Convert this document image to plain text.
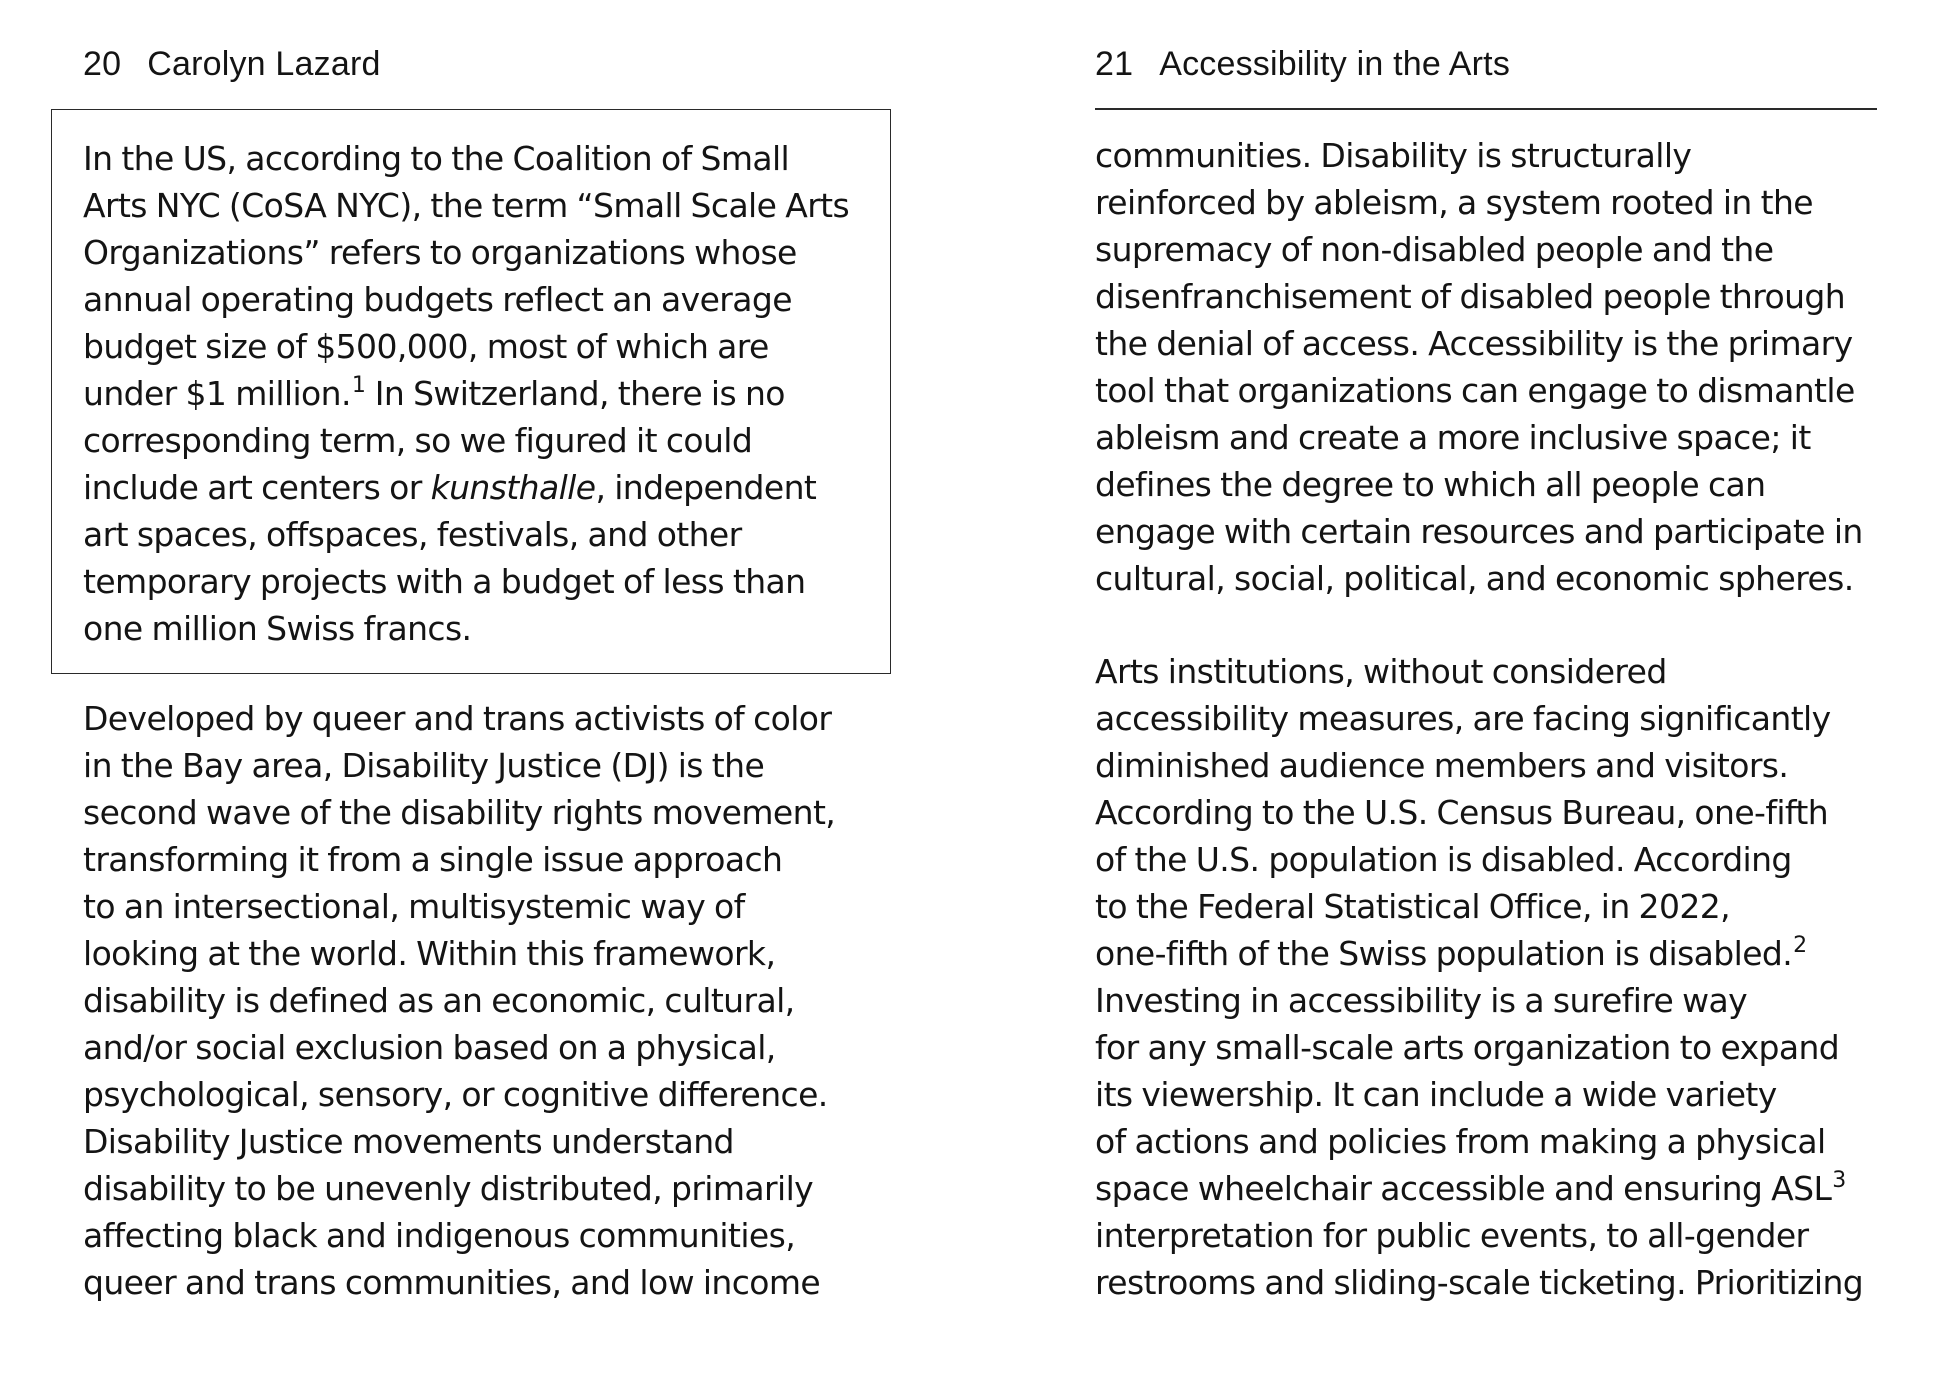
20 Carolyn Lazard
In the US, according to the Coalition of Small
Arts NYC (CoSA NYC), the term “Small Scale Arts
Organizations” refers to organizations whose
annual operating budgets reflect an average
budget size of $500,000, most of which are
under $1 million.$^1$ In Switzerland, there is no
corresponding term, so we figured it could
include art centers or kunsthalle, independent
art spaces, offspaces, festivals, and other
temporary projects with a budget of less than
one million Swiss francs.
Developed by queer and trans activists of color
in the Bay area, Disability Justice (DJ) is the
second wave of the disability rights movement,
transforming it from a single issue approach
to an intersectional, multisystemic way of
looking at the world. Within this framework,
disability is defined as an economic, cultural,
and/or social exclusion based on a physical,
psychological, sensory, or cognitive difference.
Disability Justice movements understand
disability to be unevenly distributed, primarily
affecting black and indigenous communities,
queer and trans communities, and low income
21 Accessibility in the Arts
communities. Disability is structurally
reinforced by ableism, a system rooted in the
supremacy of non-disabled people and the
disenfranchisement of disabled people through
the denial of access. Accessibility is the primary
tool that organizations can engage to dismantle
ableism and create a more inclusive space; it
defines the degree to which all people can
engage with certain resources and participate in
cultural, social, political, and economic spheres.
Arts institutions, without considered
accessibility measures, are facing significantly
diminished audience members and visitors.
According to the U.S. Census Bureau, one-fifth
of the U.S. population is disabled. According
to the Federal Statistical Office, in 2022,
one-fifth of the Swiss population is disabled.$^2$
Investing in accessibility is a surefire way
for any small-scale arts organization to expand
its viewership. It can include a wide variety
of actions and policies from making a physical
space wheelchair accessible and ensuring ASL$^3$
interpretation for public events, to all-gender
restrooms and sliding-scale ticketing. Prioritizing
